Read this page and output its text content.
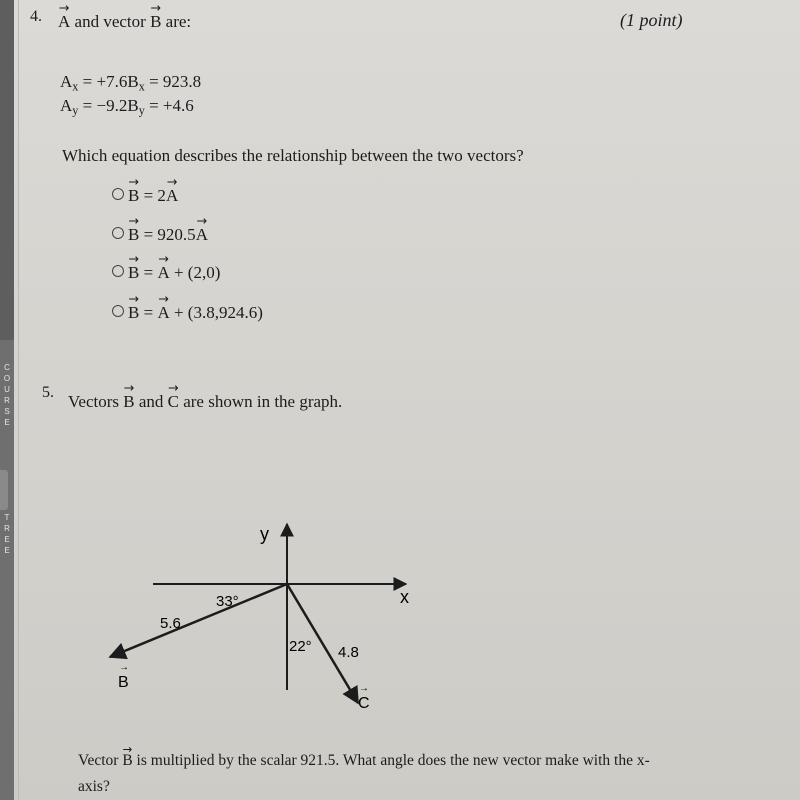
C
O
U
R
S
E
T
R
E
E
4.
→ A and vector → B are:	(1 point)
$A_x = +7.6B_x = 923.8$
$A_y = -9.2B_y = +4.6$
Which equation describes the relationship between the two vectors?
→ B = 2→ A
→ B = 920.5→ A
→ B = → A + (2,0)
→ B = → A + (3.8,924.6)
5. Vectors → B and → C are shown in the graph.
y
x
33°
5.6
22° 4.8
B
→
C
→
Vector → B is multiplied by the scalar 921.5. What angle does the new vector make with the x-
axis?
